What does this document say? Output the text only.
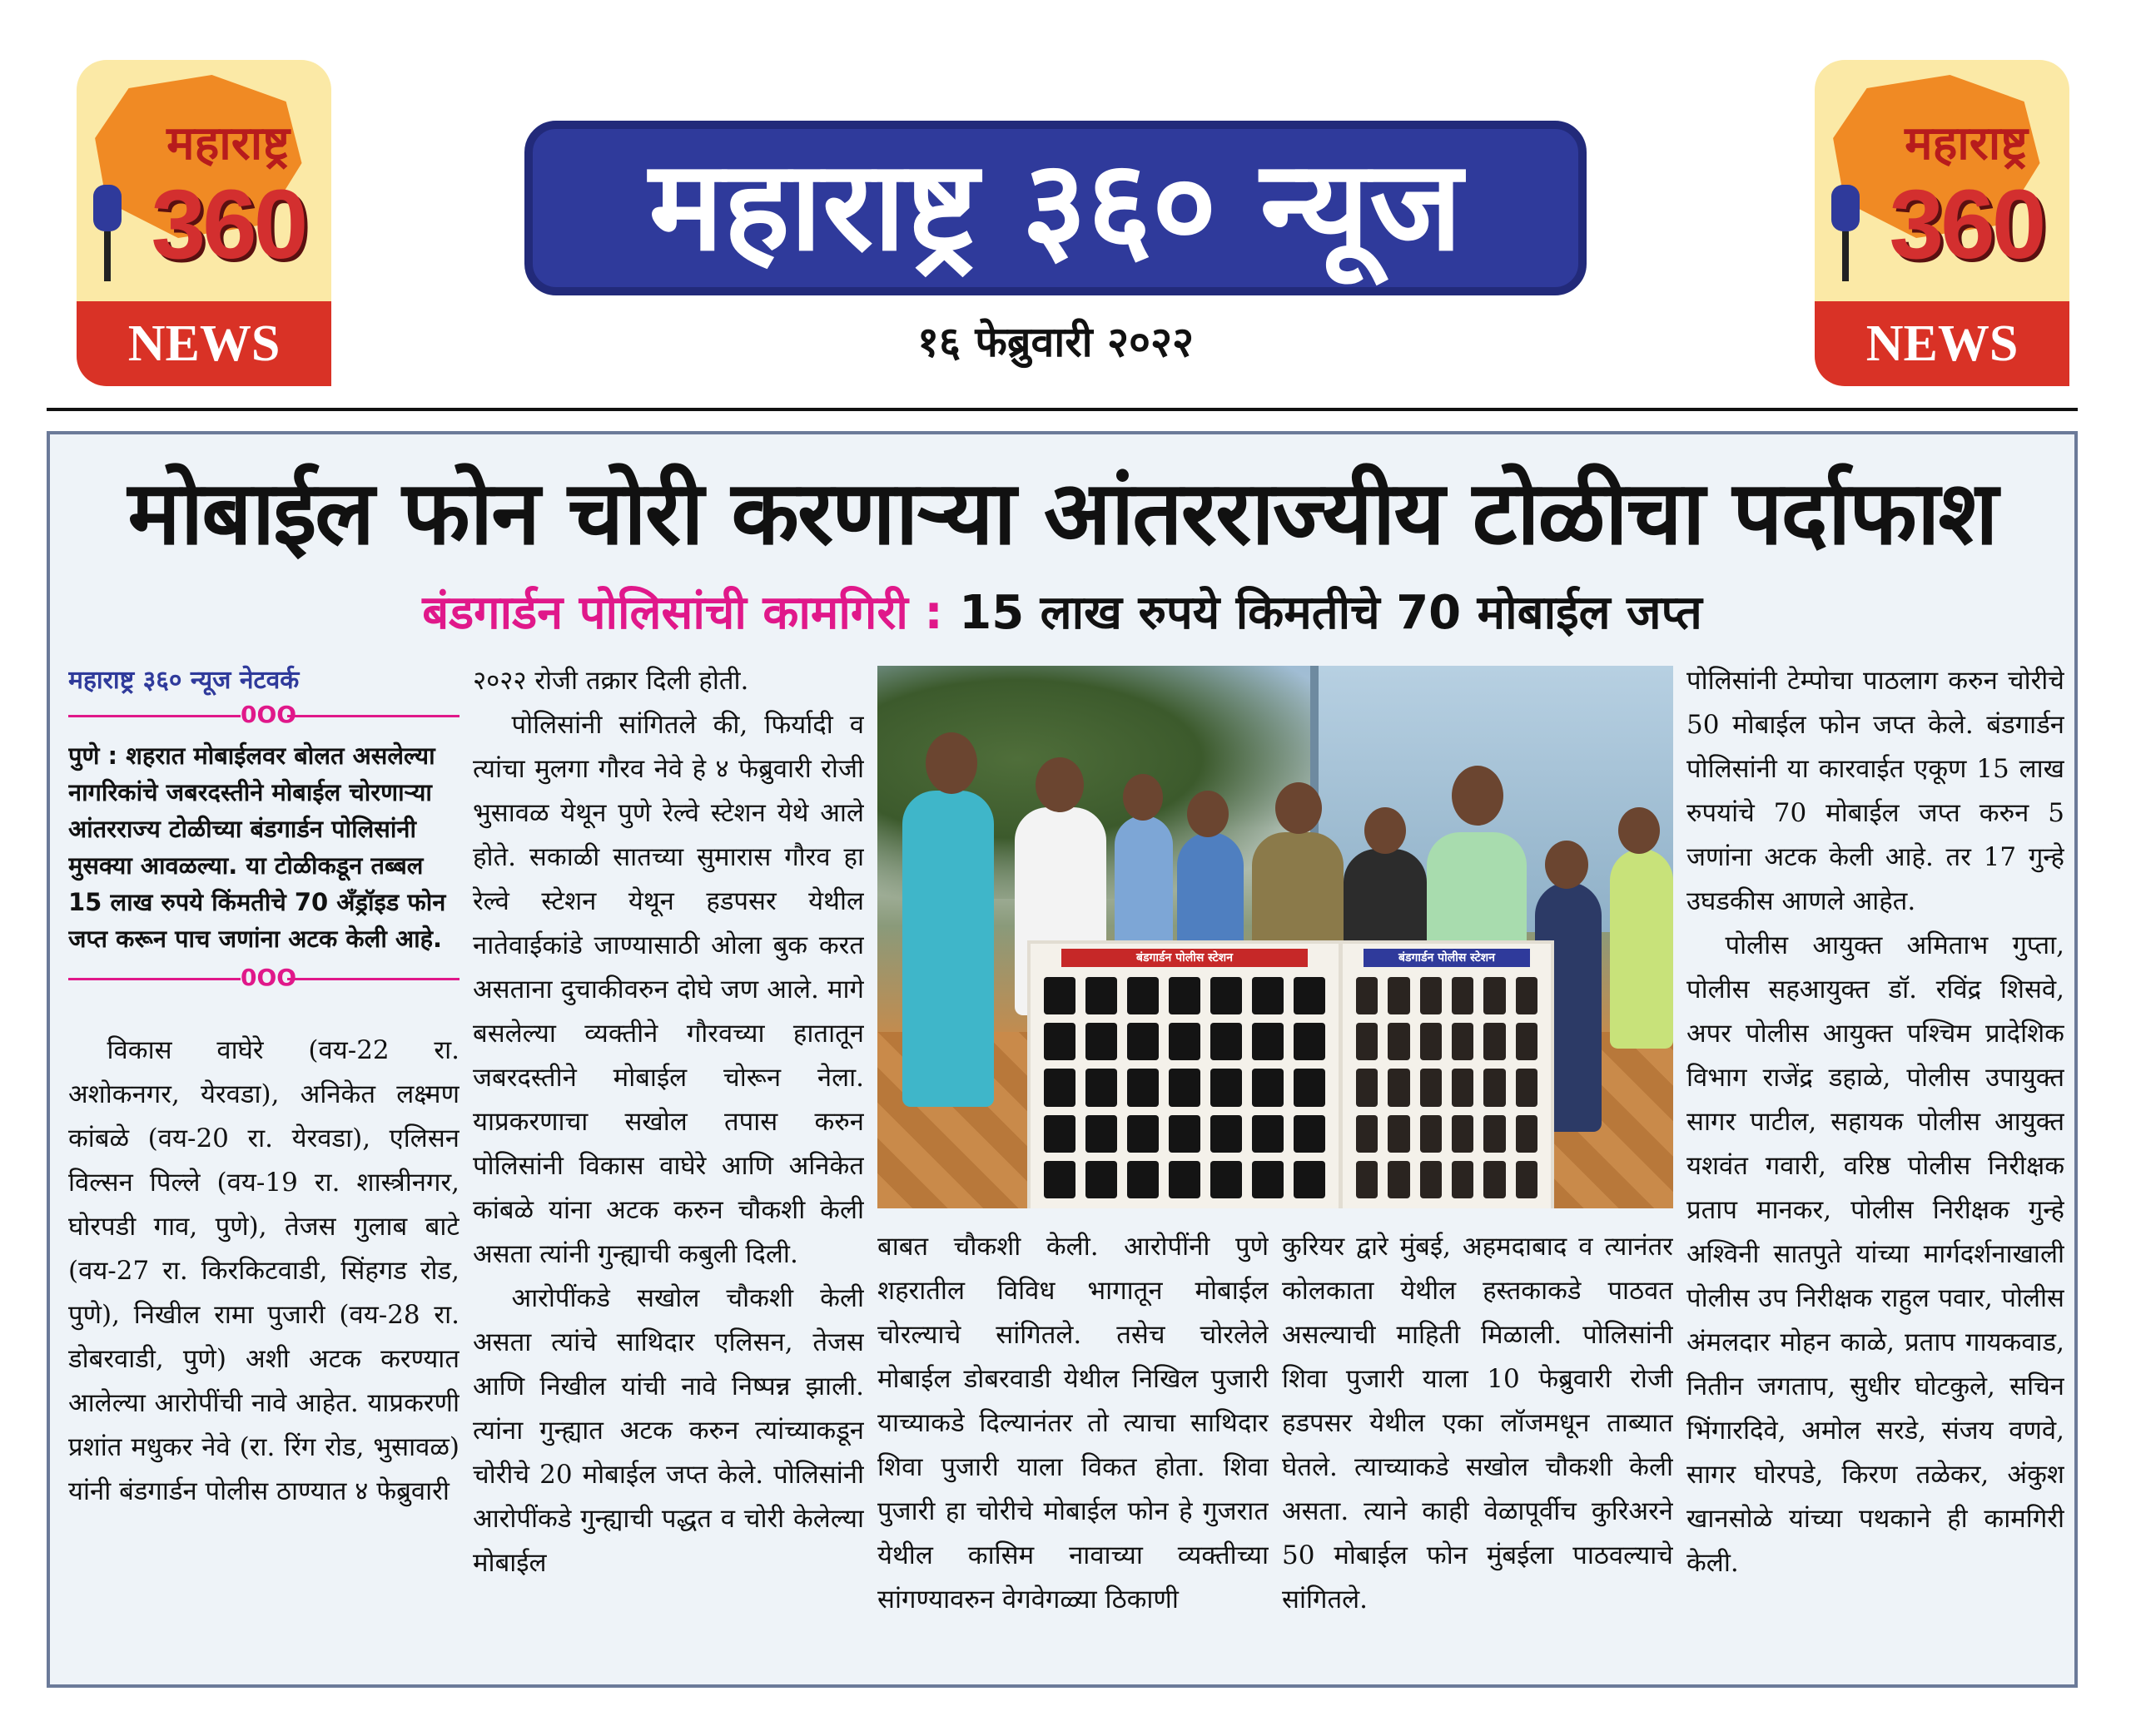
महाराष्ट्र
360
NEWS
महाराष्ट्र ३६० न्यूज
१६ फेब्रुवारी २०२२
महाराष्ट्र
360
NEWS
मोबाईल फोन चोरी करणाऱ्या आंतरराज्यीय टोळीचा पर्दाफाश
बंडगार्डन पोलिसांची कामगिरी : 15 लाख रुपये किमतीचे 70 मोबाईल जप्त
महाराष्ट्र ३६० न्यूज नेटवर्क
0OO
पुणे : शहरात मोबाईलवर बोलत असलेल्या नागरिकांचे जबरदस्तीने मोबाईल चोरणाऱ्या आंतरराज्य टोळीच्या बंडगार्डन पोलिसांनी मुसक्या आवळल्या. या टोळीकडून तब्बल 15 लाख रुपये किंमतीचे 70 अँड्रॉइड फोन जप्त करून पाच जणांना अटक केली आहे.
0OO

विकास वाघेरे (वय-22 रा. अशोकनगर, येरवडा), अनिकेत लक्ष्मण कांबळे (वय-20 रा. येरवडा), एलिसन विल्सन पिल्ले (वय-19 रा. शास्त्रीनगर, घोरपडी गाव, पुणे), तेजस गुलाब बाटे (वय-27 रा. किरकिटवाडी, सिंहगड रोड, पुणे), निखील रामा पुजारी (वय-28 रा. डोबरवाडी, पुणे) अशी अटक करण्यात आलेल्या आरोपींची नावे आहेत. याप्रकरणी प्रशांत मधुकर नेवे (रा. रिंग रोड, भुसावळ) यांनी बंडगार्डन पोलीस ठाण्यात ४ फेब्रुवारी

२०२२ रोजी तक्रार दिली होती.

पोलिसांनी सांगितले की, फिर्यादी व त्यांचा मुलगा गौरव नेवे हे ४ फेब्रुवारी रोजी भुसावळ येथून पुणे रेल्वे स्टेशन येथे आले होते. सकाळी सातच्या सुमारास गौरव हा रेल्वे स्टेशन येथून हडपसर येथील नातेवाईकांडे जाण्यासाठी ओला बुक करत असताना दुचाकीवरुन दोघे जण आले. मागे बसलेल्या व्यक्तीने गौरवच्या हातातून जबरदस्तीने मोबाईल चोरून नेला. याप्रकरणाचा सखोल तपास करुन पोलिसांनी विकास वाघेरे आणि अनिकेत कांबळे यांना अटक करुन चौकशी केली असता त्यांनी गुन्ह्याची कबुली दिली.

आरोपींकडे सखोल चौकशी केली असता त्यांचे साथिदार एलिसन, तेजस आणि निखील यांची नावे निष्पन्न झाली. त्यांना गुन्ह्यात अटक करुन त्यांच्याकडून चोरीचे 20 मोबाईल जप्त केले. पोलिसांनी आरोपींकडे गुन्ह्याची पद्धत व चोरी केलेल्या मोबाईल

बंडगार्डन पोलीस स्टेशन	बंडगार्डन पोलीस स्टेशन

बाबत चौकशी केली. आरोपींनी पुणे शहरातील विविध भागातून मोबाईल चोरल्याचे सांगितले. तसेच चोरलेले मोबाईल डोबरवाडी येथील निखिल पुजारी याच्याकडे दिल्यानंतर तो त्याचा साथिदार शिवा पुजारी याला विकत होता. शिवा पुजारी हा चोरीचे मोबाईल फोन हे गुजरात येथील कासिम नावाच्या व्यक्तीच्या सांगण्यावरुन वेगवेगळ्या ठिकाणी

कुरियर द्वारे मुंबई, अहमदाबाद व त्यानंतर कोलकाता येथील हस्तकाकडे पाठवत असल्याची माहिती मिळाली. पोलिसांनी शिवा पुजारी याला 10 फेब्रुवारी रोजी हडपसर येथील एका लॉजमधून ताब्यात घेतले. त्याच्याकडे सखोल चौकशी केली असता. त्याने काही वेळापूर्वीच कुरिअरने 50 मोबाईल फोन मुंबईला पाठवल्याचे सांगितले.

पोलिसांनी टेम्पोचा पाठलाग करुन चोरीचे 50 मोबाईल फोन जप्त केले. बंडगार्डन पोलिसांनी या कारवाईत एकूण 15 लाख रुपयांचे 70 मोबाईल जप्त करुन 5 जणांना अटक केली आहे. तर 17 गुन्हे उघडकीस आणले आहेत.

पोलीस आयुक्त अमिताभ गुप्ता, पोलीस सहआयुक्त डॉ. रविंद्र शिसवे, अपर पोलीस आयुक्त पश्चिम प्रादेशिक विभाग राजेंद्र डहाळे, पोलीस उपायुक्त सागर पाटील, सहायक पोलीस आयुक्त यशवंत गवारी, वरिष्ठ पोलीस निरीक्षक प्रताप मानकर, पोलीस निरीक्षक गुन्हे अश्विनी सातपुते यांच्या मार्गदर्शनाखाली पोलीस उप निरीक्षक राहुल पवार, पोलीस अंमलदार मोहन काळे, प्रताप गायकवाड, नितीन जगताप, सुधीर घोटकुले, सचिन भिंगारदिवे, अमोल सरडे, संजय वणवे, सागर घोरपडे, किरण तळेकर, अंकुश खानसोळे यांच्या पथकाने ही कामगिरी केली.
